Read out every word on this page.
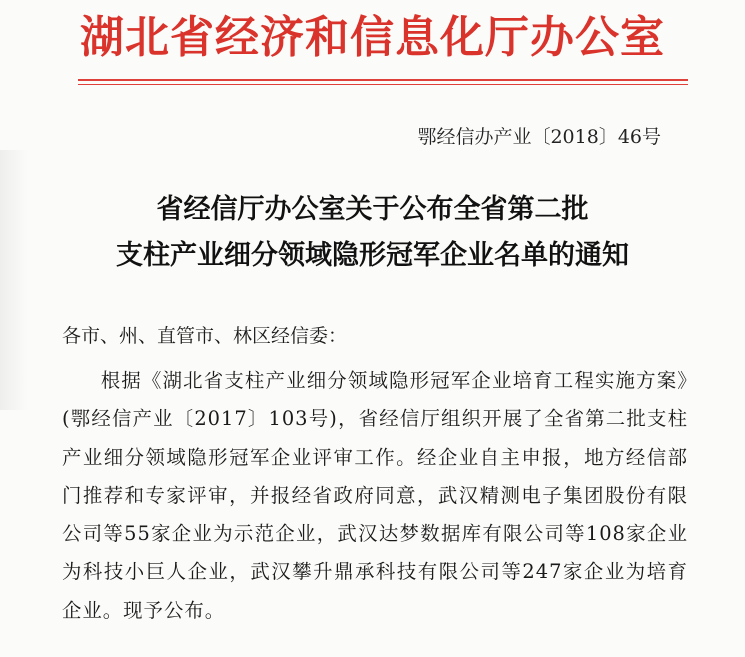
湖北省经济和信息化厅办公室
鄂经信办产业〔2018〕46号
省经信厅办公室关于公布全省第二批
支柱产业细分领域隐形冠军企业名单的通知
各市、州、直管市、林区经信委：
根据《湖北省支柱产业细分领域隐形冠军企业培育工程实施方案》(鄂经信产业〔2017〕103号)，省经信厅组织开展了全省第二批支柱产业细分领域隐形冠军企业评审工作。经企业自主申报，地方经信部门推荐和专家评审，并报经省政府同意，武汉精测电子集团股份有限公司等55家企业为示范企业，武汉达梦数据库有限公司等108家企业为科技小巨人企业，武汉攀升鼎承科技有限公司等247家企业为培育企业。现予公布。
